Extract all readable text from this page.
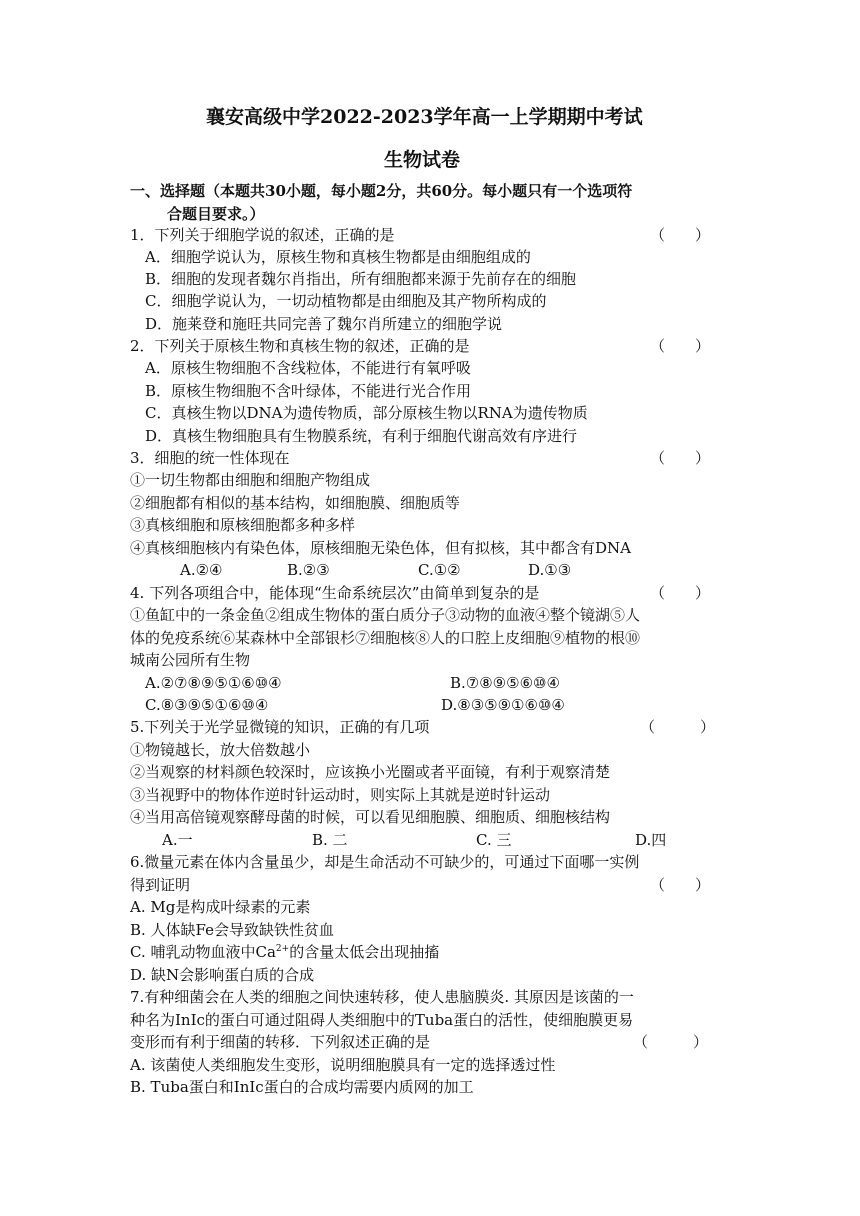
襄安高级中学2022-2023学年高一上学期期中考试
生物试卷
一、选择题（本题共30小题，每小题2分，共60分。每小题只有一个选项符
合题目要求。）
1．下列关于细胞学说的叙述，正确的是	（　　）
A．细胞学说认为，原核生物和真核生物都是由细胞组成的
B．细胞的发现者魏尔肖指出，所有细胞都来源于先前存在的细胞
C．细胞学说认为，一切动植物都是由细胞及其产物所构成的
D．施莱登和施旺共同完善了魏尔肖所建立的细胞学说
2．下列关于原核生物和真核生物的叙述，正确的是	（　　）
A．原核生物细胞不含线粒体，不能进行有氧呼吸
B．原核生物细胞不含叶绿体，不能进行光合作用
C．真核生物以DNA为遗传物质，部分原核生物以RNA为遗传物质
D．真核生物细胞具有生物膜系统，有利于细胞代谢高效有序进行
3．细胞的统一性体现在	（　　）
①一切生物都由细胞和细胞产物组成
②细胞都有相似的基本结构，如细胞膜、细胞质等
③真核细胞和原核细胞都多种多样
④真核细胞核内有染色体，原核细胞无染色体，但有拟核，其中都含有DNA
A.②④	B.②③	C.①②	D.①③
4. 下列各项组合中，能体现“生命系统层次”由简单到复杂的是	（　　）
①鱼缸中的一条金鱼②组成生物体的蛋白质分子③动物的血液④整个镜湖⑤人
体的免疫系统⑥某森林中全部银杉⑦细胞核⑧人的口腔上皮细胞⑨植物的根⑩
城南公园所有生物
A.②⑦⑧⑨⑤①⑥⑩④	B.⑦⑧⑨⑤⑥⑩④
C.⑧③⑨⑤①⑥⑩④	D.⑧③⑤⑨①⑥⑩④
5.下列关于光学显微镜的知识，正确的有几项	（　　　）
①物镜越长，放大倍数越小
②当观察的材料颜色较深时，应该换小光圈或者平面镜，有利于观察清楚
③当视野中的物体作逆时针运动时，则实际上其就是逆时针运动
④当用高倍镜观察酵母菌的时候，可以看见细胞膜、细胞质、细胞核结构
A.一	B. 二	C. 三	D.四
6.微量元素在体内含量虽少，却是生命活动不可缺少的，可通过下面哪一实例
得到证明	（　　）
A. Mg是构成叶绿素的元素
B. 人体缺Fe会导致缺铁性贫血
C. 哺乳动物血液中$Ca^{2+}$的含量太低会出现抽搐
D. 缺N会影响蛋白质的合成
7.有种细菌会在人类的细胞之间快速转移，使人患脑膜炎. 其原因是该菌的一
种名为InIc的蛋白可通过阻碍人类细胞中的Tuba蛋白的活性，使细胞膜更易
变形而有利于细菌的转移．下列叙述正确的是	（　　　）
A. 该菌使人类细胞发生变形，说明细胞膜具有一定的选择透过性
B. Tuba蛋白和InIc蛋白的合成均需要内质网的加工
